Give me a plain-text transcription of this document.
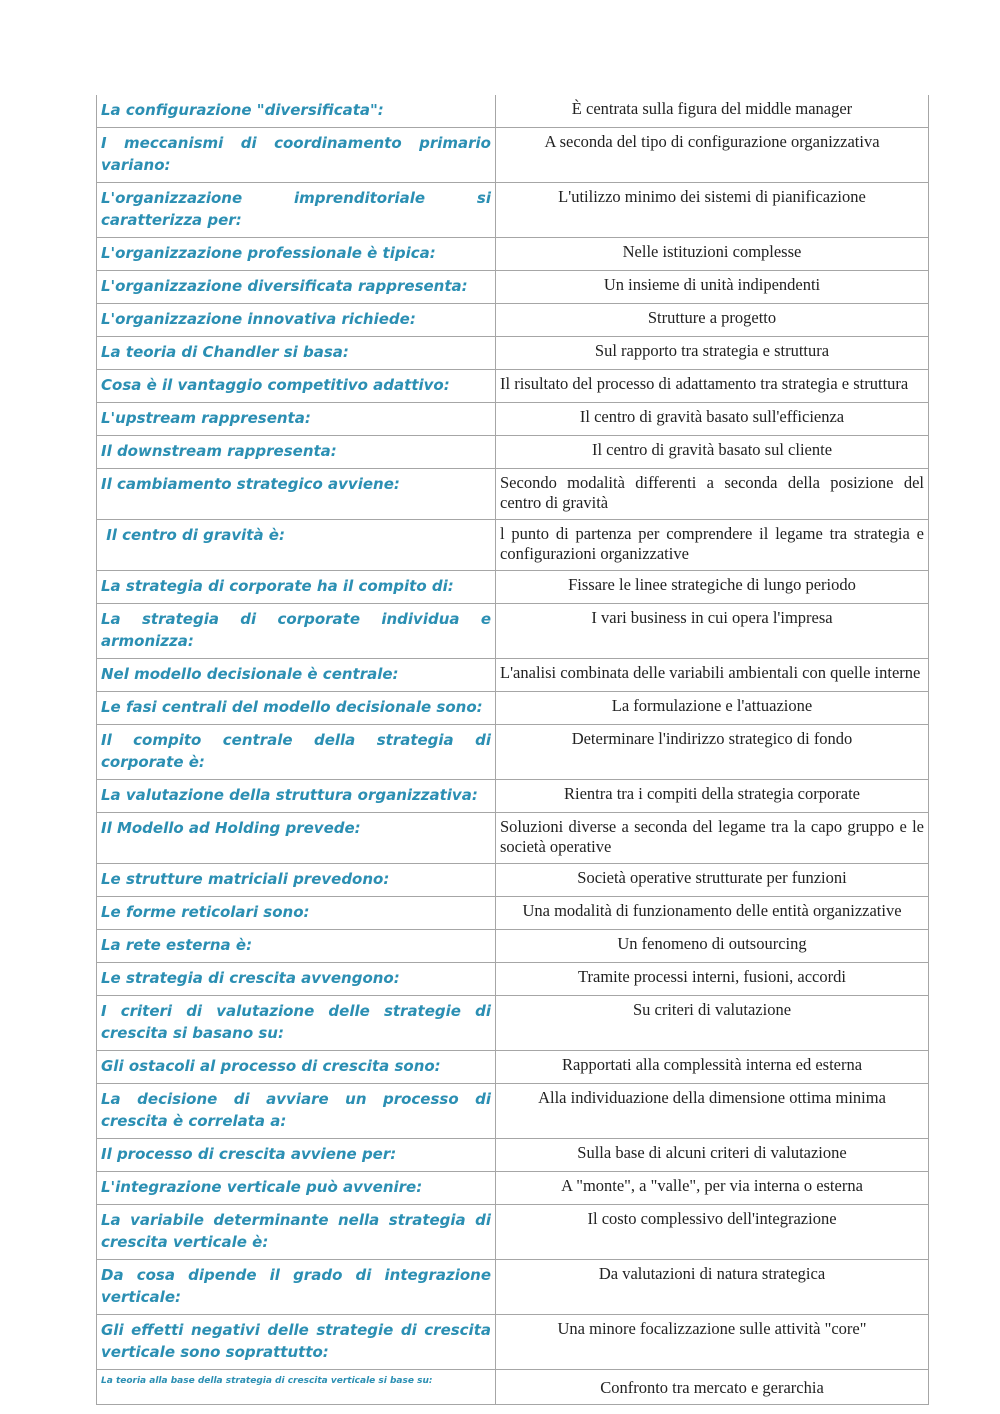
La configurazione "diversificata":	È centrata sulla figura del middle manager
I meccanismi di coordinamento primario variano:	A seconda del tipo di configurazione organizzativa
L'organizzazione imprenditoriale si caratterizza per:	L'utilizzo minimo dei sistemi di pianificazione
L'organizzazione professionale è tipica:	Nelle istituzioni complesse
L'organizzazione diversificata rappresenta:	Un insieme di unità indipendenti
L'organizzazione innovativa richiede:	Strutture a progetto
La teoria di Chandler si basa:	Sul rapporto tra strategia e struttura
Cosa è il vantaggio competitivo adattivo:	Il risultato del processo di adattamento tra strategia e struttura
L'upstream rappresenta:	Il centro di gravità basato sull'efficienza
Il downstream rappresenta:	Il centro di gravità basato sul cliente
Il cambiamento strategico avviene:	Secondo modalità differenti a seconda della posizione del centro di gravità
Il centro di gravità è:	l punto di partenza per comprendere il legame tra strategia e configurazioni organizzative
La strategia di corporate ha il compito di:	Fissare le linee strategiche di lungo periodo
La strategia di corporate individua e armonizza:	I vari business in cui opera l'impresa
Nel modello decisionale è centrale:	L'analisi combinata delle variabili ambientali con quelle interne
Le fasi centrali del modello decisionale sono:	La formulazione e l'attuazione
Il compito centrale della strategia di corporate è:	Determinare l'indirizzo strategico di fondo
La valutazione della struttura organizzativa:	Rientra tra i compiti della strategia corporate
Il Modello ad Holding prevede:	Soluzioni diverse a seconda del legame tra la capo gruppo e le società operative
Le strutture matriciali prevedono:	Società operative strutturate per funzioni
Le forme reticolari sono:	Una modalità di funzionamento delle entità organizzative
La rete esterna è:	Un fenomeno di outsourcing
Le strategia di crescita avvengono:	Tramite processi interni, fusioni, accordi
I criteri di valutazione delle strategie di crescita si basano su:	Su criteri di valutazione
Gli ostacoli al processo di crescita sono:	Rapportati alla complessità interna ed esterna
La decisione di avviare un processo di crescita è correlata a:	Alla individuazione della dimensione ottima minima
Il processo di crescita avviene per:	Sulla base di alcuni criteri di valutazione
L'integrazione verticale può avvenire:	A "monte", a "valle", per via interna o esterna
La variabile determinante nella strategia di crescita verticale è:	Il costo complessivo dell'integrazione
Da cosa dipende il grado di integrazione verticale:	Da valutazioni di natura strategica
Gli effetti negativi delle strategie di crescita verticale sono soprattutto:	Una minore focalizzazione sulle attività "core"
La teoria alla base della strategia di crescita verticale si base su:	Confronto tra mercato e gerarchia
